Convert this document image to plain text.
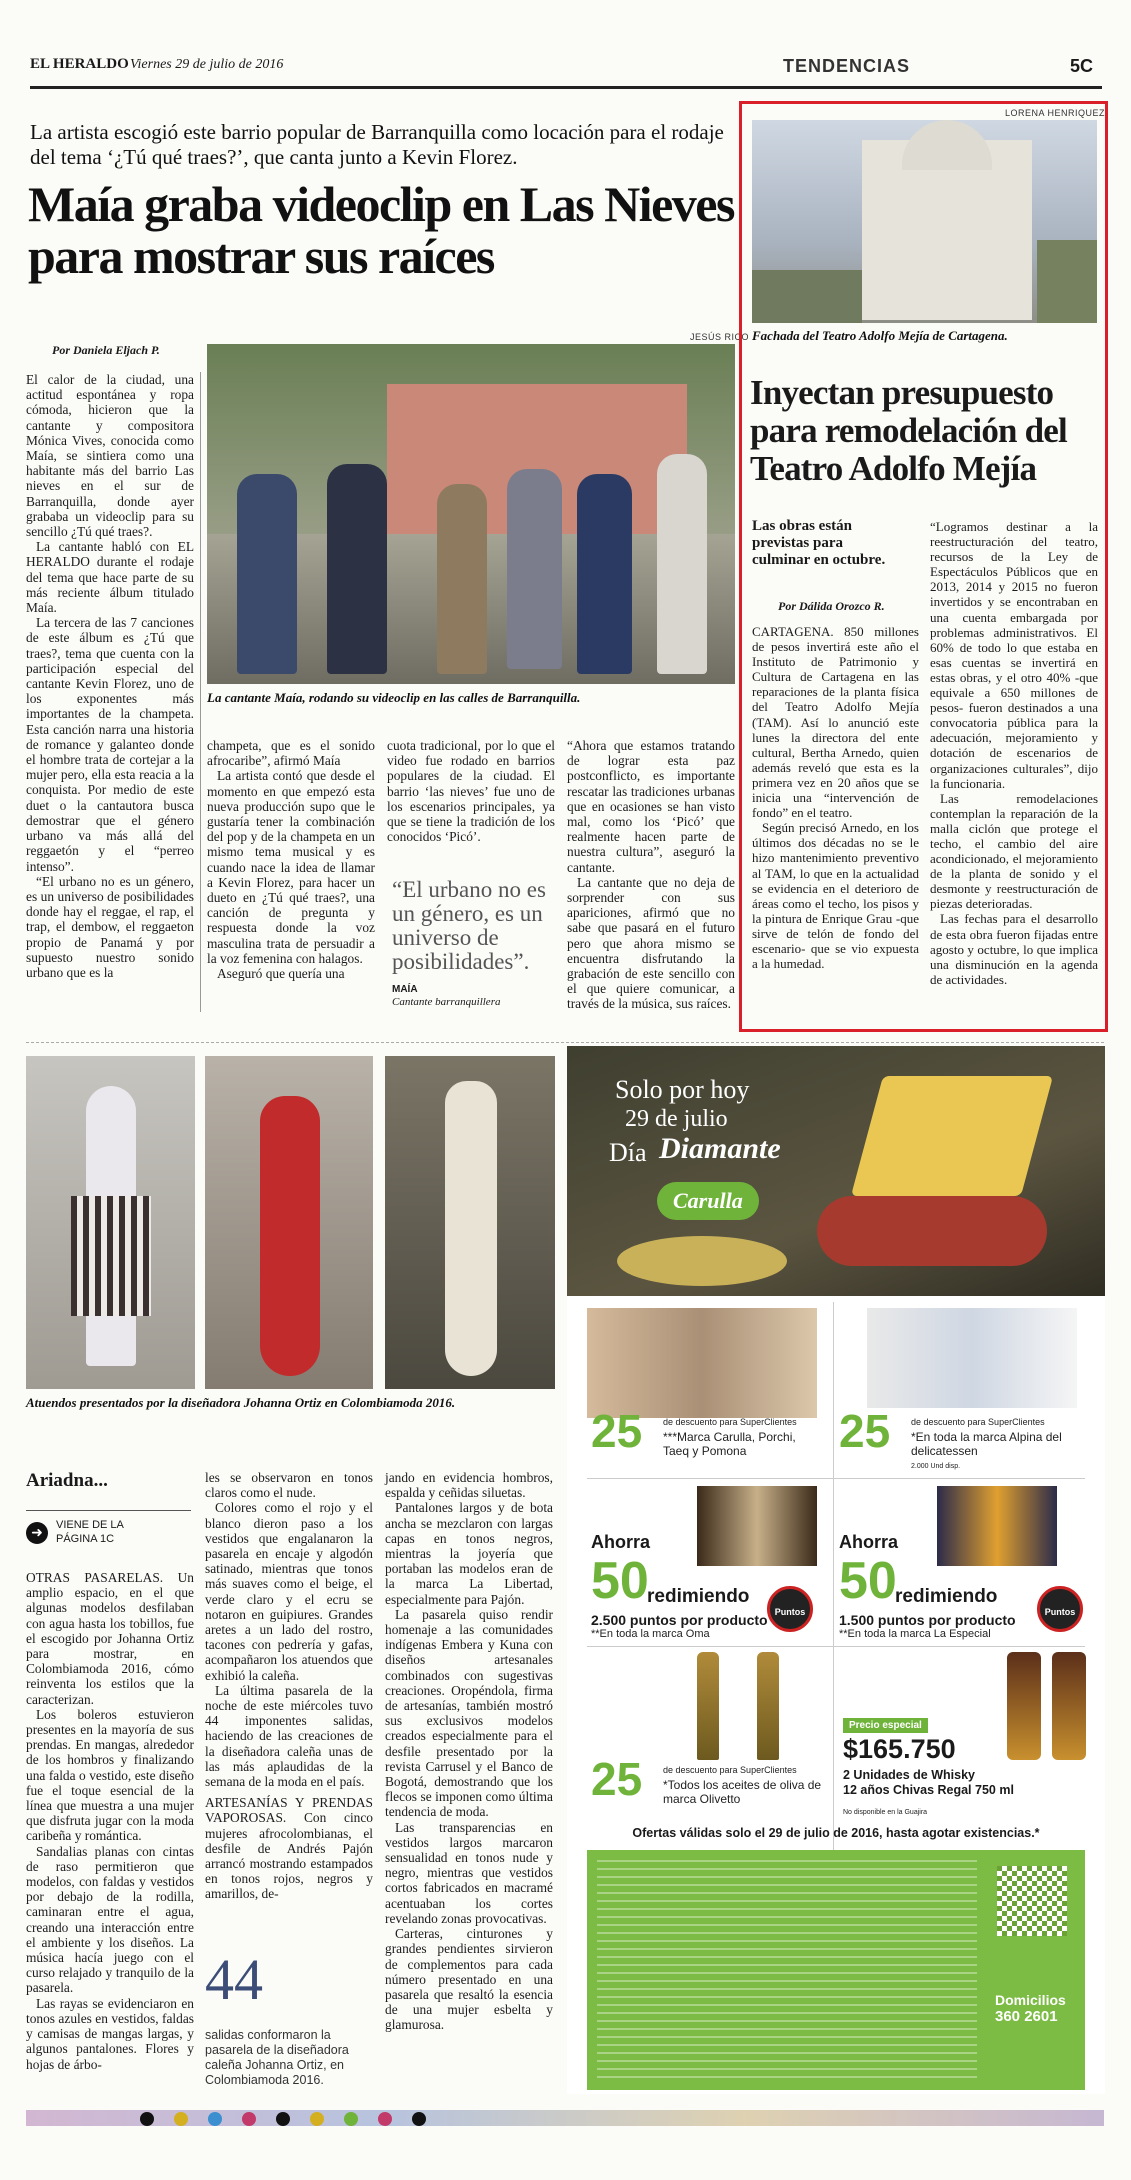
EL HERALDO Viernes 29 de julio de 2016	TENDENCIAS	5C
La artista escogió este barrio popular de Barranquilla como locación para el rodaje del tema ‘¿Tú qué traes?’, que canta junto a Kevin Florez.
Maía graba videoclip en Las Nieves para mostrar sus raíces
Por Daniela Eljach P.
JESÚS RICO
La cantante Maía, rodando su videoclip en las calles de Barranquilla.

El calor de la ciudad, una actitud espontánea y ropa cómoda, hicieron que la cantante y compositora Mónica Vives, conocida como Maía, se sintiera como una habitante más del barrio Las nieves en el sur de Barranquilla, donde ayer grababa un videoclip para su sencillo ¿Tú qué traes?.

La cantante habló con EL HERALDO durante el rodaje del tema que hace parte de su más reciente álbum titulado Maía.

La tercera de las 7 canciones de este álbum es ¿Tú que traes?, tema que cuenta con la participación especial del cantante Kevin Florez, uno de los exponentes más importantes de la champeta. Esta canción narra una historia de romance y galanteo donde el hombre trata de cortejar a la mujer pero, ella esta reacia a la conquista. Por medio de este duet o la cantautora busca demostrar que el género urbano va más allá del reggaetón y el “perreo intenso”.

“El urbano no es un género, es un universo de posibilidades donde hay el reggae, el rap, el trap, el dembow, el reggaeton propio de Panamá y por supuesto nuestro sonido urbano que es la

champeta, que es el sonido afrocaribe”, afirmó Maía

La artista contó que desde el momento en que empezó esta nueva producción supo que le gustaría tener la combinación del pop y de la champeta en un mismo tema musical y es cuando nace la idea de llamar a Kevin Florez, para hacer un dueto en ¿Tú qué traes?, una canción de pregunta y respuesta donde la voz masculina trata de persuadir a la voz femenina con halagos.

Aseguró que quería una

cuota tradicional, por lo que el video fue rodado en barrios populares de la ciudad. El barrio ‘las nieves’ fue uno de los escenarios principales, ya que se tiene la tradición de los conocidos ‘Picó’.

“El urbano no es un género, es un universo de posibilidades”.
MAÍA
Cantante barranquillera

“Ahora que estamos tratando de lograr esta paz postconflicto, es importante rescatar las tradiciones urbanas que en ocasiones se han visto mal, como los ‘Picó’ que realmente hacen parte de nuestra cultura”, aseguró la cantante.

La cantante que no deja de sorprender con sus apariciones, afirmó que no sabe que pasará en el futuro pero que ahora mismo se encuentra disfrutando la grabación de este sencillo con el que quiere comunicar, a través de la música, sus raíces.

LORENA HENRIQUEZ
Fachada del Teatro Adolfo Mejía de Cartagena.
Inyectan presupuesto para remodelación del Teatro Adolfo Mejía
Las obras están previstas para culminar en octubre.
Por Dálida Orozco R.

CARTAGENA. 850 millones de pesos invertirá este año el Instituto de Patrimonio y Cultura de Cartagena en las reparaciones de la planta física del Teatro Adolfo Mejía (TAM). Así lo anunció este lunes la directora del ente cultural, Bertha Arnedo, quien además reveló que esta es la primera vez en 20 años que se inicia una “intervención de fondo” en el teatro.

Según precisó Arnedo, en los últimos dos décadas no se le hizo mantenimiento preventivo al TAM, lo que en la actualidad se evidencia en el deterioro de áreas como el techo, los pisos y la pintura de Enrique Grau -que sirve de telón de fondo del escenario- que se vio expuesta a la humedad.

“Logramos destinar a la reestructuración del teatro, recursos de la Ley de Espectáculos Públicos que en 2013, 2014 y 2015 no fueron invertidos y se encontraban en una cuenta embargada por problemas administrativos. El 60% de todo lo que estaba en esas cuentas se invertirá en estas obras, y el otro 40% -que equivale a 650 millones de pesos- fueron destinados a una convocatoria pública para la adecuación, mejoramiento y dotación de escenarios de organizaciones culturales”, dijo la funcionaria.

Las remodelaciones contemplan la reparación de la malla ciclón que protege el techo, el cambio del aire acondicionado, el mejoramiento de la planta de sonido y el desmonte y reestructuración de piezas deterioradas.

Las fechas para el desarrollo de esta obra fueron fijadas entre agosto y octubre, lo que implica una disminución en la agenda de actividades.

Atuendos presentados por la diseñadora Johanna Ortiz en Colombiamoda 2016.
Ariadna...
➜	VIENE DE LA
PÁGINA 1C

OTRAS PASARELAS. Un amplio espacio, en el que algunas modelos desfilaban con agua hasta los tobillos, fue el escogido por Johanna Ortiz para mostrar, en Colombiamoda 2016, cómo reinventa los estilos que la caracterizan.

Los boleros estuvieron presentes en la mayoría de sus prendas. En mangas, alrededor de los hombros y finalizando una falda o vestido, este diseño fue el toque esencial de la línea que muestra a una mujer que disfruta jugar con la moda caribeña y romántica.

Sandalias planas con cintas de raso permitieron que modelos, con faldas y vestidos por debajo de la rodilla, caminaran entre el agua, creando una interacción entre el ambiente y los diseños. La música hacía juego con el curso relajado y tranquilo de la pasarela.

Las rayas se evidenciaron en tonos azules en vestidos, faldas y camisas de mangas largas, y algunos pantalones. Flores y hojas de árbo-

les se observaron en tonos claros como el nude.

Colores como el rojo y el blanco dieron paso a los vestidos que engalanaron la pasarela en encaje y algodón satinado, mientras que tonos más suaves como el beige, el verde claro y el ecru se notaron en guipiures. Grandes aretes a un lado del rostro, tacones con pedrería y gafas, acompañaron los atuendos que exhibió la caleña.

La última pasarela de la noche de este miércoles tuvo 44 imponentes salidas, haciendo de las creaciones de la diseñadora caleña unas de las más aplaudidas de la semana de la moda en el país.

ARTESANÍAS Y PRENDAS VAPOROSAS. Con cinco mujeres afrocolombianas, el desfile de Andrés Pajón arrancó mostrando estampados en tonos rojos, negros y amarillos, de-

44
salidas conformaron la pasarela de la diseñadora caleña Johanna Ortiz, en Colombiamoda 2016.

jando en evidencia hombros, espalda y ceñidas siluetas.

Pantalones largos y de bota ancha se mezclaron con largas capas en tonos negros, mientras la joyería que portaban las modelos eran de la marca La Libertad, especialmente para Pajón.

La pasarela quiso rendir homenaje a las comunidades indígenas Embera y Kuna con diseños artesanales combinados con sugestivas creaciones. Oropéndola, firma de artesanías, también mostró sus exclusivos modelos creados especialmente para el desfile presentado por la revista Carrusel y el Banco de Bogotá, demostrando que los flecos se imponen como última tendencia de moda.

Las transparencias en vestidos largos marcaron sensualidad en tonos nude y negro, mientras que vestidos cortos fabricados en macramé acentuaban los cortes revelando zonas provocativas.

Carteras, cinturones y grandes pendientes sirvieron de complementos para cada número presentado en una pasarela que resaltó la esencia de una mujer esbelta y glamurosa.

Solo por hoy
29 de julio
Día Diamante
Carulla
25 de descuento para SuperClientes
***Marca Carulla, Porchi, Taeq y Pomona	25 de descuento para SuperClientes
*En toda la marca Alpina del delicatessen
2.000 Und disp.
Ahorra
50
redimiendo
2.500 puntos por producto
**En toda la marca Oma
Puntos
Ahorra
50
redimiendo
1.500 puntos por producto
**En toda la marca La Especial
Puntos
25 de descuento para SuperClientes
*Todos los aceites de oliva de marca Olivetto
Precio especial
$165.750
2 Unidades de Whisky
12 años Chivas Regal 750 ml
No disponible en la Guajira
Ofertas válidas solo el 29 de julio de 2016, hasta agotar existencias.*
Domicilios
360 2601
